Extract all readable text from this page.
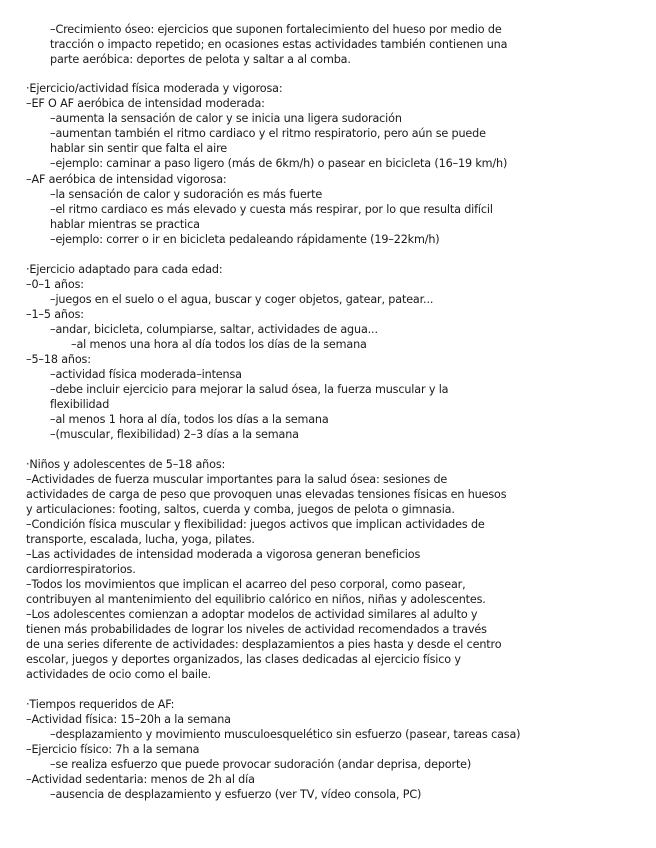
–Crecimiento óseo: ejercicios que suponen fortalecimiento del hueso por medio de
tracción o impacto repetido; en ocasiones estas actividades también contienen una
parte aeróbica: deportes de pelota y saltar a al comba.
·Ejercicio/actividad física moderada y vigorosa:
–EF O AF aeróbica de intensidad moderada:
–aumenta la sensación de calor y se inicia una ligera sudoración
–aumentan también el ritmo cardiaco y el ritmo respiratorio, pero aún se puede
hablar sin sentir que falta el aire
–ejemplo: caminar a paso ligero (más de 6km/h) o pasear en bicicleta (16–19 km/h)
–AF aeróbica de intensidad vigorosa:
–la sensación de calor y sudoración es más fuerte
–el ritmo cardiaco es más elevado y cuesta más respirar, por lo que resulta difícil
hablar mientras se practica
–ejemplo: correr o ir en bicicleta pedaleando rápidamente (19–22km/h)
·Ejercicio adaptado para cada edad:
–0–1 años:
–juegos en el suelo o el agua, buscar y coger objetos, gatear, patear...
–1–5 años:
–andar, bicicleta, columpiarse, saltar, actividades de agua...
–al menos una hora al día todos los días de la semana
–5–18 años:
–actividad física moderada–intensa
–debe incluir ejercicio para mejorar la salud ósea, la fuerza muscular y la
flexibilidad
–al menos 1 hora al día, todos los días a la semana
–(muscular, flexibilidad) 2–3 días a la semana
·Niños y adolescentes de 5–18 años:
–Actividades de fuerza muscular importantes para la salud ósea: sesiones de
actividades de carga de peso que provoquen unas elevadas tensiones físicas en huesos
y articulaciones: footing, saltos, cuerda y comba, juegos de pelota o gimnasia.
–Condición física muscular y flexibilidad: juegos activos que implican actividades de
transporte, escalada, lucha, yoga, pilates.
–Las actividades de intensidad moderada a vigorosa generan beneficios
cardiorrespiratorios.
–Todos los movimientos que implican el acarreo del peso corporal, como pasear,
contribuyen al mantenimiento del equilibrio calórico en niños, niñas y adolescentes.
–Los adolescentes comienzan a adoptar modelos de actividad similares al adulto y
tienen más probabilidades de lograr los niveles de actividad recomendados a través
de una series diferente de actividades: desplazamientos a pies hasta y desde el centro
escolar, juegos y deportes organizados, las clases dedicadas al ejercicio físico y
actividades de ocio como el baile.
·Tiempos requeridos de AF:
–Actividad física: 15–20h a la semana
–desplazamiento y movimiento musculoesquelético sin esfuerzo (pasear, tareas casa)
–Ejercicio físico: 7h a la semana
–se realiza esfuerzo que puede provocar sudoración (andar deprisa, deporte)
–Actividad sedentaria: menos de 2h al día
–ausencia de desplazamiento y esfuerzo (ver TV, vídeo consola, PC)
